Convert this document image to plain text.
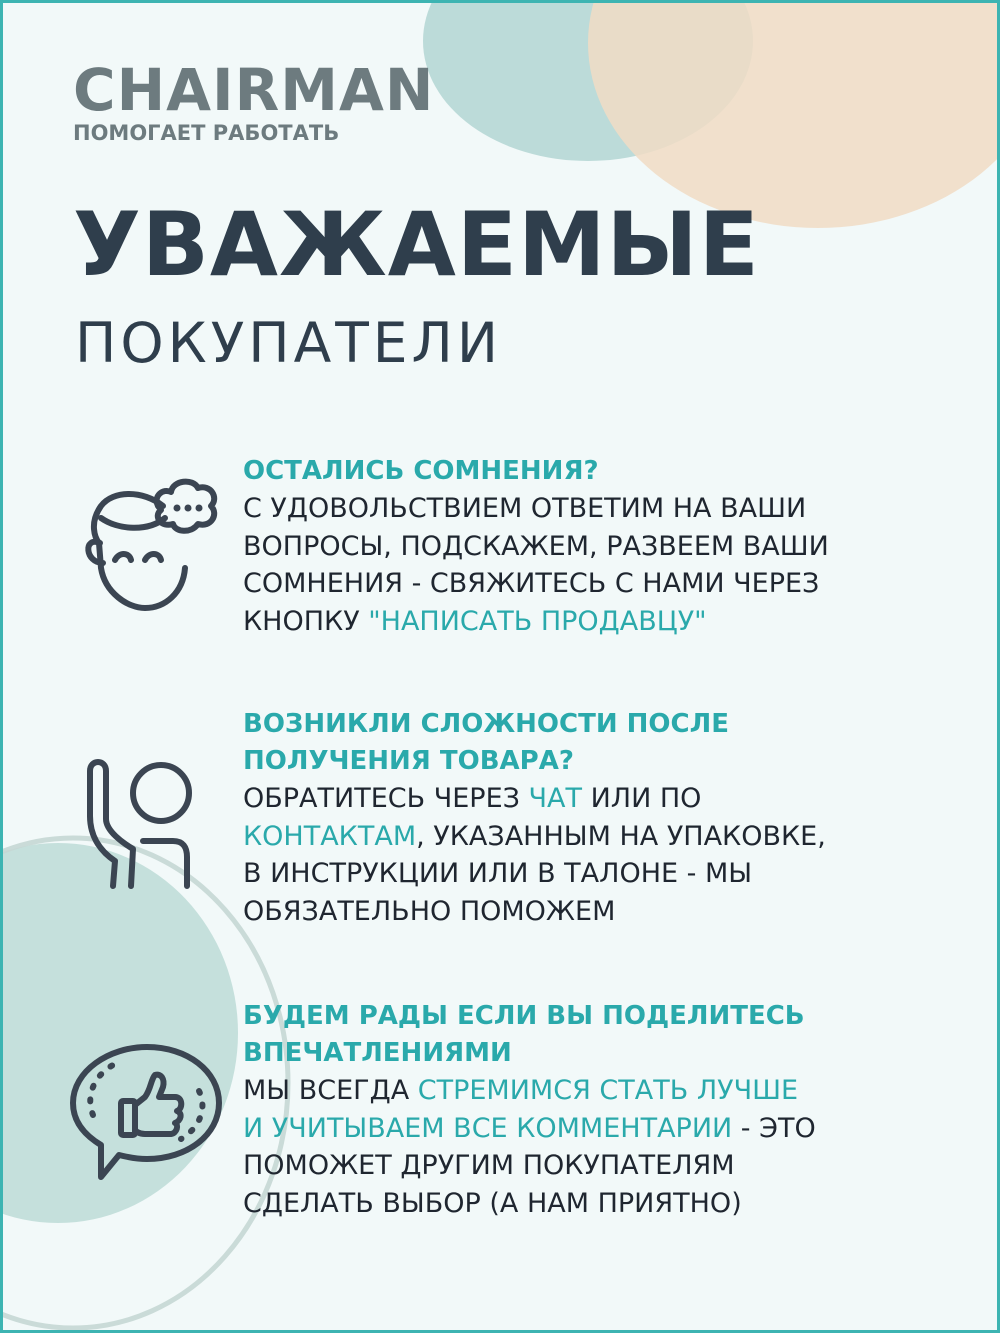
CHAIRMAN
ПОМОГАЕТ РАБОТАТЬ
УВАЖАЕМЫЕ
ПОКУПАТЕЛИ
ОСТАЛИСЬ СОМНЕНИЯ?

С УДОВОЛЬСТВИЕМ ОТВЕТИМ НА ВАШИ
ВОПРОСЫ, ПОДСКАЖЕМ, РАЗВЕЕМ ВАШИ
СОМНЕНИЯ - СВЯЖИТЕСЬ С НАМИ ЧЕРЕЗ
КНОПКУ "НАПИСАТЬ ПРОДАВЦУ"

ВОЗНИКЛИ СЛОЖНОСТИ ПОСЛЕ ПОЛУЧЕНИЯ ТОВАРА?

ОБРАТИТЕСЬ ЧЕРЕЗ ЧАТ ИЛИ ПО
КОНТАКТАМ, УКАЗАННЫМ НА УПАКОВКЕ,
В ИНСТРУКЦИИ ИЛИ В ТАЛОНЕ - МЫ
ОБЯЗАТЕЛЬНО ПОМОЖЕМ

БУДЕМ РАДЫ ЕСЛИ ВЫ ПОДЕЛИТЕСЬ ВПЕЧАТЛЕНИЯМИ

МЫ ВСЕГДА СТРЕМИМСЯ СТАТЬ ЛУЧШЕ
И УЧИТЫВАЕМ ВСЕ КОММЕНТАРИИ - ЭТО
ПОМОЖЕТ ДРУГИМ ПОКУПАТЕЛЯМ
СДЕЛАТЬ ВЫБОР (А НАМ ПРИЯТНО)
